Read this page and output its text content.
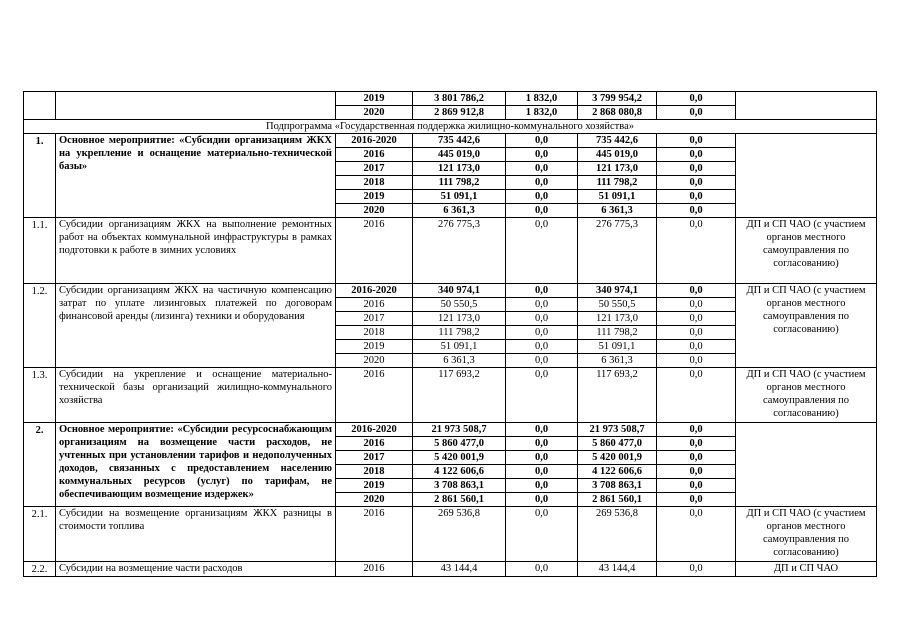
		2019	3 801 786,2	1 832,0	3 799 954,2	0,0	
		2020	2 869 912,8	1 832,0	2 868 080,8	0,0	
Подпрограмма «Государственная поддержка жилищно-коммунального хозяйства»							
1.	Основное мероприятие: «Субсидии организациям ЖКХ на укрепление и оснащение материально-технической базы»	2016-2020	735 442,6	0,0	735 442,6	0,0	
		2016	445 019,0	0,0	445 019,0	0,0	
		2017	121 173,0	0,0	121 173,0	0,0	
		2018	111 798,2	0,0	111 798,2	0,0	
		2019	51 091,1	0,0	51 091,1	0,0	
		2020	6 361,3	0,0	6 361,3	0,0	
1.1.	Субсидии организациям ЖКХ на выполнение ремонтных работ на объектах коммунальной инфраструктуры в рамках подготовки к работе в зимних условиях	2016	276 775,3	0,0	276 775,3	0,0	ДП и СП ЧАО (с участием органов местного самоуправления по согласованию)
1.2.	Субсидии организациям ЖКХ на частичную компенсацию затрат по уплате лизинговых платежей по договорам финансовой аренды (лизинга) техники и оборудования	2016-2020	340 974,1	0,0	340 974,1	0,0	ДП и СП ЧАО (с участием органов местного самоуправления по согласованию)
		2016	50 550,5	0,0	50 550,5	0,0	
		2017	121 173,0	0,0	121 173,0	0,0	
		2018	111 798,2	0,0	111 798,2	0,0	
		2019	51 091,1	0,0	51 091,1	0,0	
		2020	6 361,3	0,0	6 361,3	0,0	
1.3.	Субсидии на укрепление и оснащение материально-технической базы организаций жилищно-коммунального хозяйства	2016	117 693,2	0,0	117 693,2	0,0	ДП и СП ЧАО (с участием органов местного самоуправления по согласованию)
2.	Основное мероприятие: «Субсидии ресурсоснабжающим организациям на возмещение части расходов, не учтенных при установлении тарифов и недополученных доходов, связанных с предоставлением населению коммунальных ресурсов (услуг) по тарифам, не обеспечивающим возмещение издержек»	2016-2020	21 973 508,7	0,0	21 973 508,7	0,0	
		2016	5 860 477,0	0,0	5 860 477,0	0,0	
		2017	5 420 001,9	0,0	5 420 001,9	0,0	
		2018	4 122 606,6	0,0	4 122 606,6	0,0	
		2019	3 708 863,1	0,0	3 708 863,1	0,0	
		2020	2 861 560,1	0,0	2 861 560,1	0,0	
2.1.	Субсидии на возмещение организациям ЖКХ разницы в стоимости топлива	2016	269 536,8	0,0	269 536,8	0,0	ДП и СП ЧАО (с участием органов местного самоуправления по согласованию)
2.2.	Субсидии на возмещение части расходов	2016	43 144,4	0,0	43 144,4	0,0	ДП и СП ЧАО
